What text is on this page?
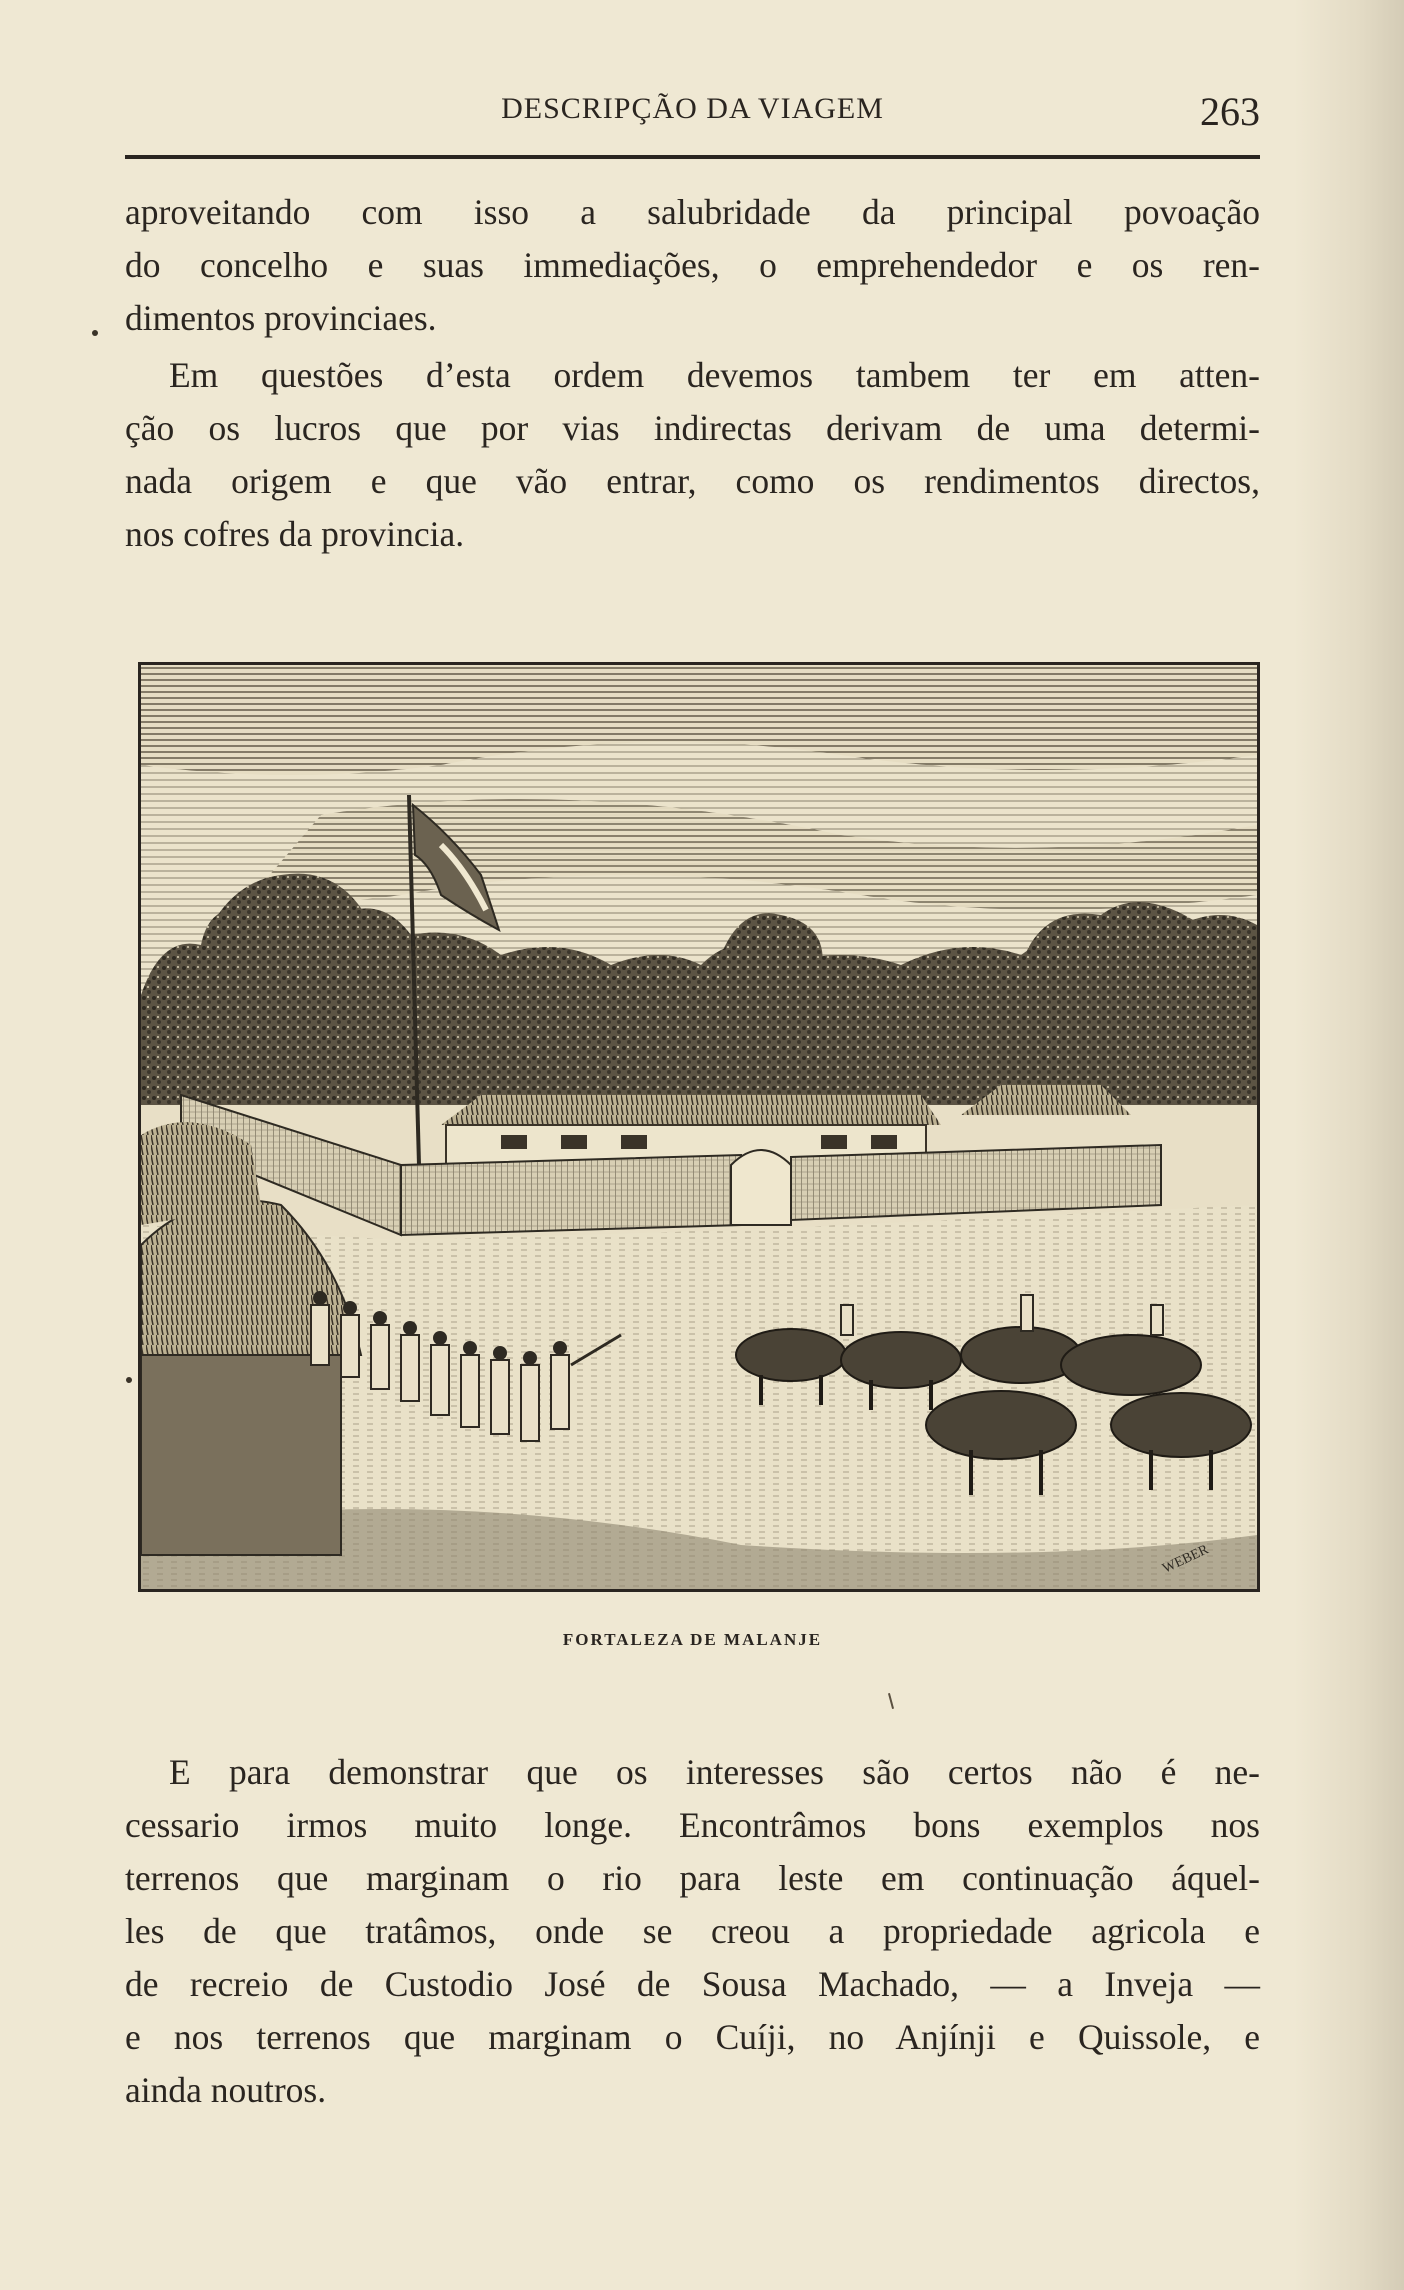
DESCRIPÇÃO DA VIAGEM	263
aproveitando com isso a salubridade da principal povoação
do concelho e suas immediações, o emprehendedor e os ren-
dimentos provinciaes.
Em questões d’esta ordem devemos tambem ter em atten-
ção os lucros que por vias indirectas derivam de uma determi-
nada origem e que vão entrar, como os rendimentos directos,
nos cofres da provincia.
WEBER
FORTALEZA DE MALANJE
E para demonstrar que os interesses são certos não é ne-
cessario irmos muito longe. Encontrâmos bons exemplos nos
terrenos que marginam o rio para leste em continuação áquel-
les de que tratâmos, onde se creou a propriedade agricola e
de recreio de Custodio José de Sousa Machado, — a Inveja —
e nos terrenos que marginam o Cuíji, no Anjínji e Quissole, e
ainda noutros.
